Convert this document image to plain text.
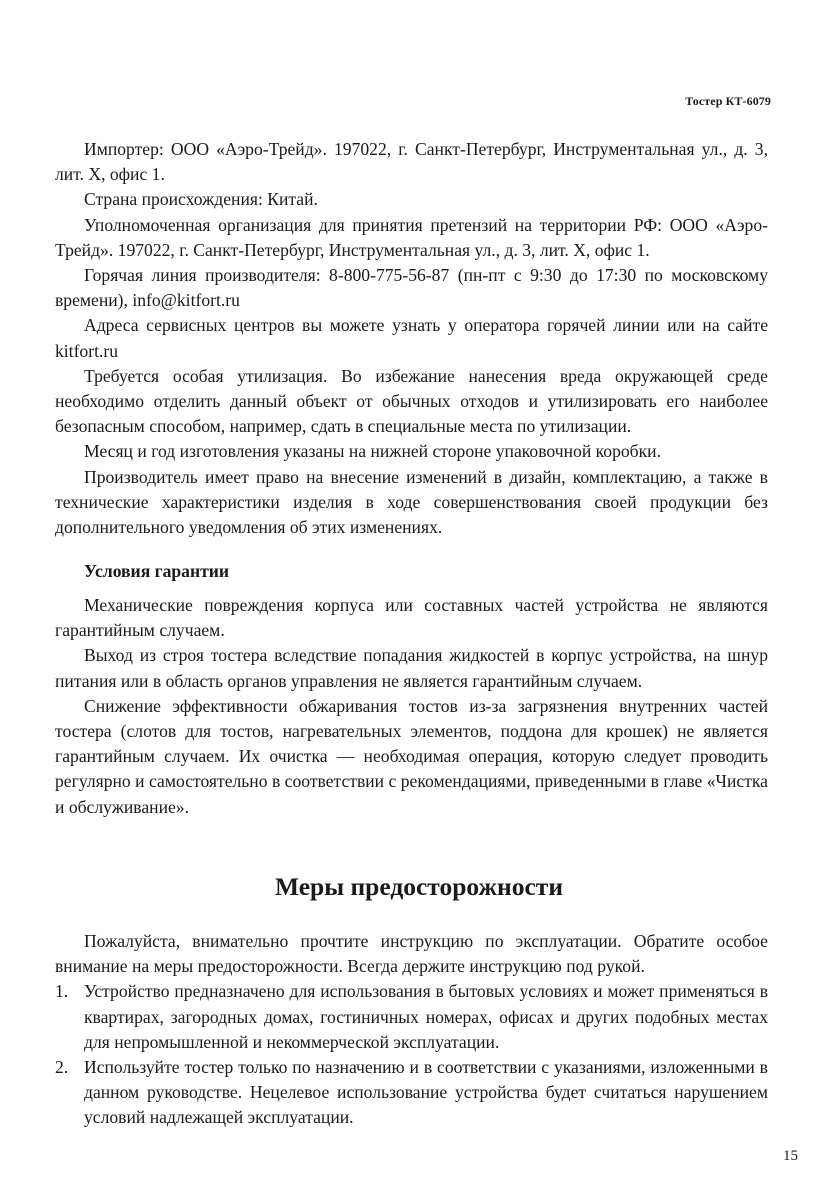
Тостер КТ-6079

Импортер: ООО «Аэро-Трейд». 197022, г. Санкт-Петербург, Инструментальная ул., д. 3, лит. Х, офис 1.

Страна происхождения: Китай.

Уполномоченная организация для принятия претензий на территории РФ: ООО «Аэро-Трейд». 197022, г. Санкт-Петербург, Инструментальная ул., д. 3, лит. Х, офис 1.

Горячая линия производителя: 8-800-775-56-87 (пн-пт с 9:30 до 17:30 по московскому времени), info@kitfort.ru

Адреса сервисных центров вы можете узнать у оператора горячей линии или на сайте kitfort.ru

Требуется особая утилизация. Во избежание нанесения вреда окружающей среде необходимо отделить данный объект от обычных отходов и утилизировать его наиболее безопасным способом, например, сдать в специальные места по утилизации.

Месяц и год изготовления указаны на нижней стороне упаковочной коробки.

Производитель имеет право на внесение изменений в дизайн, комплектацию, а также в технические характеристики изделия в ходе совершенствования своей продукции без дополнительного уведомления об этих изменениях.

Условия гарантии

Механические повреждения корпуса или составных частей устройства не являются гарантийным случаем.

Выход из строя тостера вследствие попадания жидкостей в корпус устройства, на шнур питания или в область органов управления не является гарантийным случаем.

Снижение эффективности обжаривания тостов из-за загрязнения внутренних частей тостера (слотов для тостов, нагревательных элементов, поддона для крошек) не является гарантийным случаем. Их очистка — необходимая операция, которую следует проводить регулярно и самостоятельно в соответствии с рекомендациями, приведенными в главе «Чистка и обслуживание».

Меры предосторожности

Пожалуйста, внимательно прочтите инструкцию по эксплуатации. Обратите особое внимание на меры предосторожности. Всегда держите инструкцию под рукой.

1. Устройство предназначено для использования в бытовых условиях и может применяться в квартирах, загородных домах, гостиничных номерах, офисах и других подобных местах для непромышленной и некоммерческой эксплуатации.
2. Используйте тостер только по назначению и в соответствии с указаниями, изложенными в данном руководстве. Нецелевое использование устройства будет считаться нарушением условий надлежащей эксплуатации.
15
